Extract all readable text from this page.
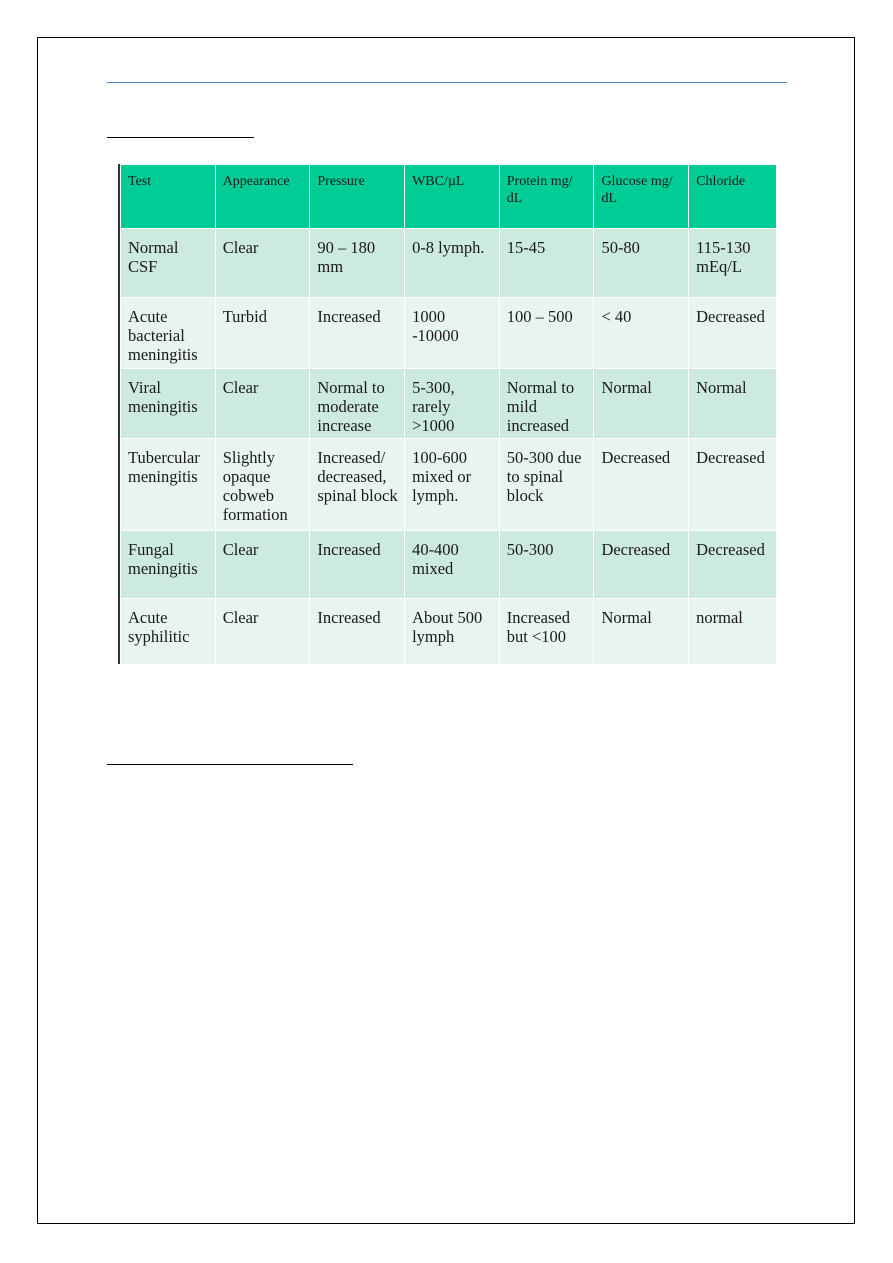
Test	Appearance	Pressure	WBC/µL	Protein mg/ dL	Glucose mg/ dL	Chloride
Normal CSF	Clear	90 – 180 mm	0-8 lymph.	15-45	50-80	115-130 mEq/L
Acute bacterial meningitis	Turbid	Increased	1000 -10000	100 – 500	< 40	Decreased
Viral meningitis	Clear	Normal to moderate increase	5-300, rarely >1000	Normal to mild increased	Normal	Normal
Tubercular meningitis	Slightly opaque cobweb formation	Increased/ decreased, spinal block	100-600 mixed or lymph.	50-300 due to spinal block	Decreased	Decreased
Fungal meningitis	Clear	Increased	40-400 mixed	50-300	Decreased	Decreased
Acute syphilitic	Clear	Increased	About 500 lymph	Increased but <100	Normal	normal
